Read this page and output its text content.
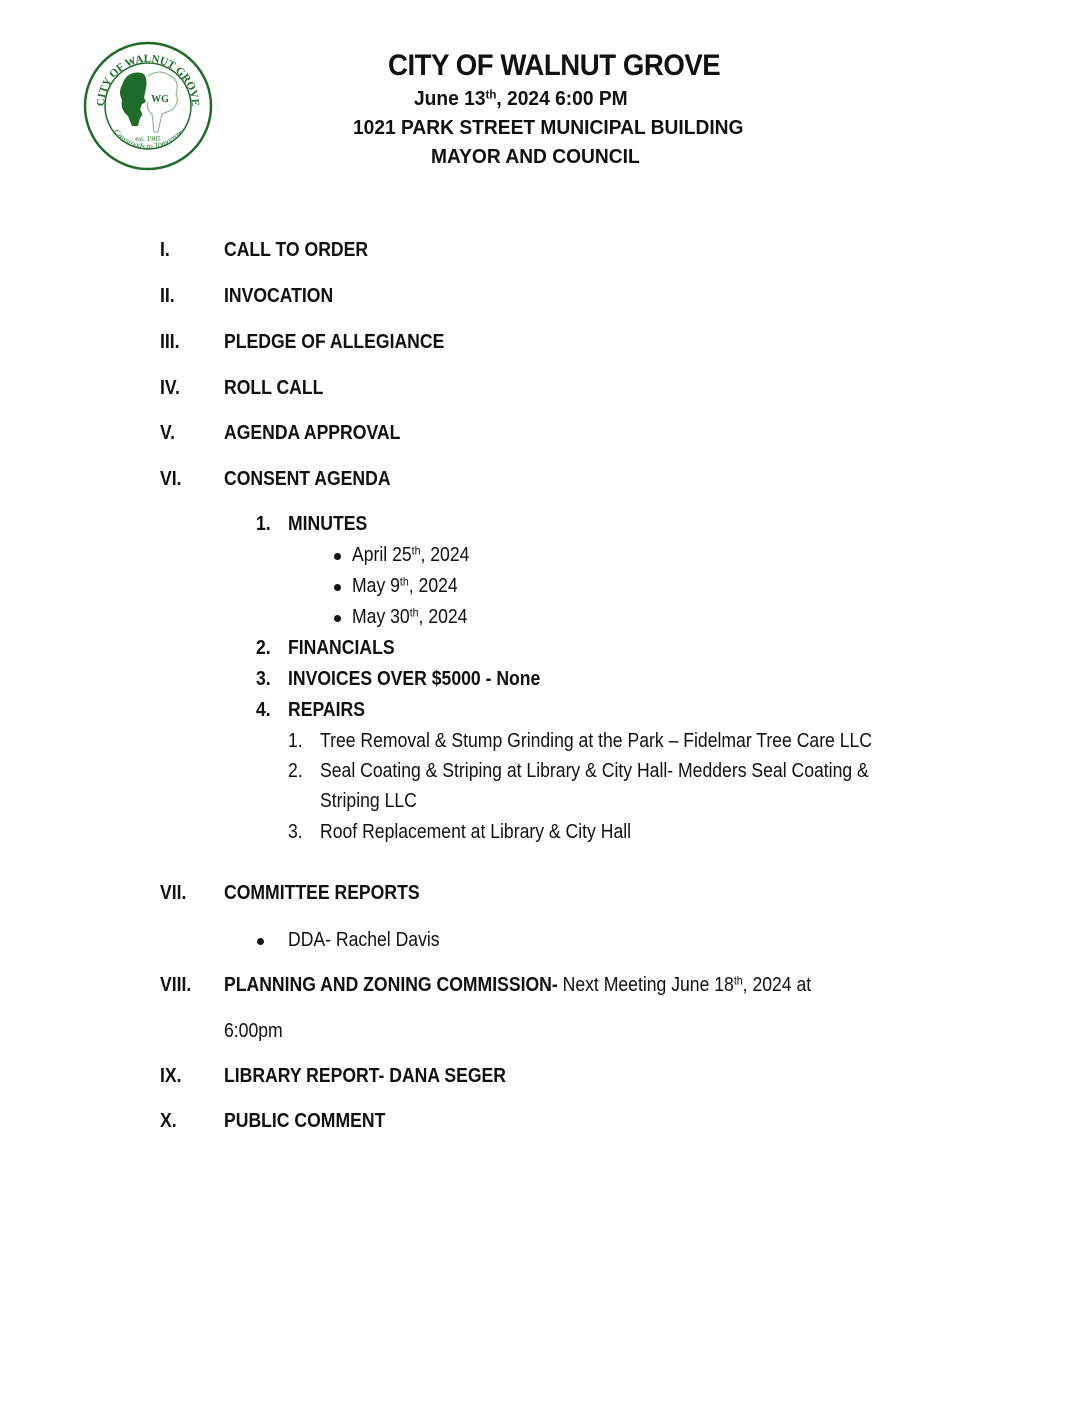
CITY OF WALNUT GROVE
Crossroads to Tomorrow
WG
est. 1905
CITY OF WALNUT GROVE
June 13th, 2024 6:00 PM
1021 PARK STREET MUNICIPAL BUILDING
MAYOR AND COUNCIL
I.	CALL TO ORDER
II. INVOCATION
III. PLEDGE OF ALLEGIANCE
IV. ROLL CALL
V. AGENDA APPROVAL
VI. CONSENT AGENDA
1. MINUTES
April 25th, 2024
May 9th, 2024
May 30th, 2024
2. FINANCIALS
3. INVOICES OVER $5000 - None
4. REPAIRS
1. Tree Removal & Stump Grinding at the Park – Fidelmar Tree Care LLC
2. Seal Coating & Striping at Library & City Hall- Medders Seal Coating &
Striping LLC
3. Roof Replacement at Library & City Hall
VII. COMMITTEE REPORTS
DDA- Rachel Davis
VIII. PLANNING AND ZONING COMMISSION- Next Meeting June 18th, 2024 at
6:00pm
IX. LIBRARY REPORT- DANA SEGER
X. PUBLIC COMMENT
